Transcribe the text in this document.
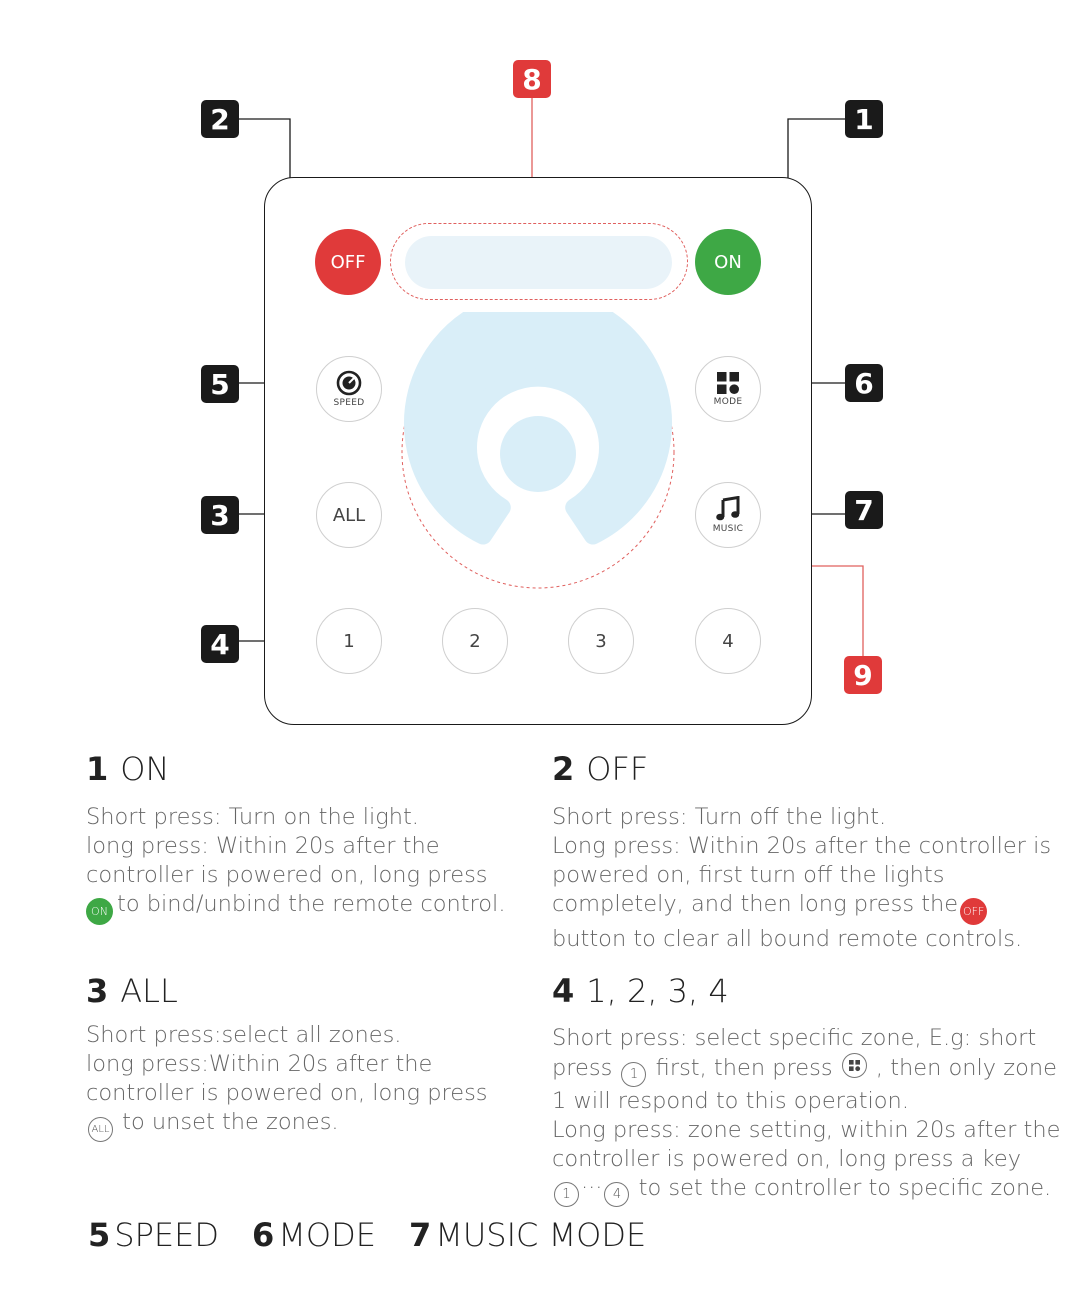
OFF	ON
SPEED	MODE
ALL
MUSIC
1	2	3	4
2	1
8
5	6
3	7
4
9
1 ON
Short press: Turn on the light.
long press: Within 20s after the
controller is powered on, long press
ON to bind/unbind the remote control.
2 OFF
Short press: Turn off the light.
Long press: Within 20s after the controller is
powered on, first turn off the lights
completely, and then long press the OFF
button to clear all bound remote controls.
3 ALL
Short press:select all zones.
long press:Within 20s after the
controller is powered on, long press
ALL to unset the zones.
4 1, 2, 3, 4
Short press: select specific zone, E.g: short
press 1 first, then press , then only zone
1 will respond to this operation.
Long press: zone setting, within 20s after the
controller is powered on, long press a key
1 ··· 4 to set the controller to specific zone.
5 SPEED 6 MODE 7 MUSIC MODE
